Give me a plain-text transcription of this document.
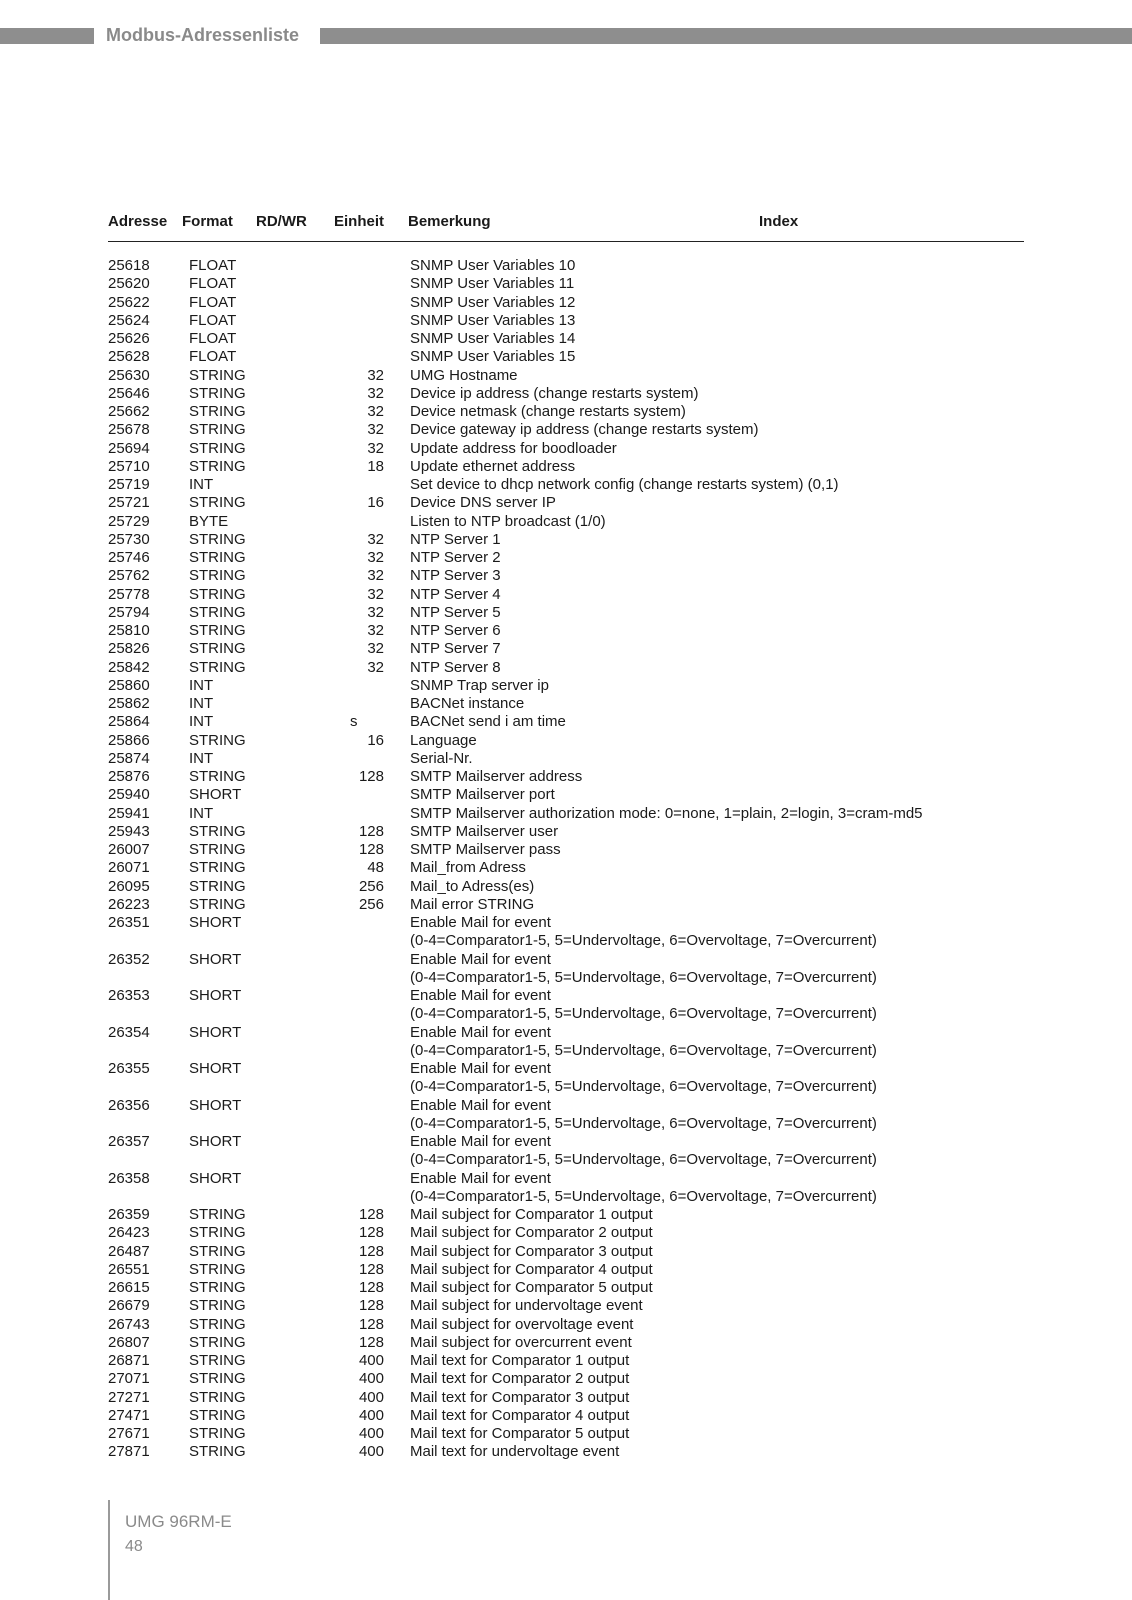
Modbus-Adressenliste
Adresse Format RD/WR Einheit Bemerkung	Index
25618	FLOAT	SNMP User Variables 10
25620	FLOAT	SNMP User Variables 11
25622	FLOAT	SNMP User Variables 12
25624	FLOAT	SNMP User Variables 13
25626	FLOAT	SNMP User Variables 14
25628	FLOAT	SNMP User Variables 15
25630	STRING	32 UMG Hostname
25646	STRING	32 Device ip address (change restarts system)
25662	STRING	32 Device netmask (change restarts system)
25678	STRING	32 Device gateway ip address (change restarts system)
25694	STRING	32 Update address for boodloader
25710	STRING	18 Update ethernet address
25719	INT	Set device to dhcp network config (change restarts system) (0,1)
25721	STRING	16 Device DNS server IP
25729	BYTE	Listen to NTP broadcast (1/0)
25730	STRING	32 NTP Server 1
25746	STRING	32 NTP Server 2
25762	STRING	32 NTP Server 3
25778	STRING	32 NTP Server 4
25794	STRING	32 NTP Server 5
25810	STRING	32 NTP Server 6
25826	STRING	32 NTP Server 7
25842	STRING	32 NTP Server 8
25860	INT	SNMP Trap server ip
25862	INT	BACNet instance
25864	INT	s	BACNet send i am time
25866	STRING	16 Language
25874	INT	Serial-Nr.
25876	STRING	128 SMTP Mailserver address
25940	SHORT	SMTP Mailserver port
25941	INT	SMTP Mailserver authorization mode: 0=none, 1=plain, 2=login, 3=cram-md5
25943	STRING	128 SMTP Mailserver user
26007	STRING	128 SMTP Mailserver pass
26071	STRING	48 Mail_from Adress
26095	STRING	256 Mail_to Adress(es)
26223	STRING	256 Mail error STRING
26351	SHORT	Enable Mail for event
(0-4=Comparator1-5, 5=Undervoltage, 6=Overvoltage, 7=Overcurrent)
26352	SHORT	Enable Mail for event
(0-4=Comparator1-5, 5=Undervoltage, 6=Overvoltage, 7=Overcurrent)
26353	SHORT	Enable Mail for event
(0-4=Comparator1-5, 5=Undervoltage, 6=Overvoltage, 7=Overcurrent)
26354	SHORT	Enable Mail for event
(0-4=Comparator1-5, 5=Undervoltage, 6=Overvoltage, 7=Overcurrent)
26355	SHORT	Enable Mail for event
(0-4=Comparator1-5, 5=Undervoltage, 6=Overvoltage, 7=Overcurrent)
26356	SHORT	Enable Mail for event
(0-4=Comparator1-5, 5=Undervoltage, 6=Overvoltage, 7=Overcurrent)
26357	SHORT	Enable Mail for event
(0-4=Comparator1-5, 5=Undervoltage, 6=Overvoltage, 7=Overcurrent)
26358	SHORT	Enable Mail for event
(0-4=Comparator1-5, 5=Undervoltage, 6=Overvoltage, 7=Overcurrent)
26359	STRING	128 Mail subject for Comparator 1 output
26423	STRING	128 Mail subject for Comparator 2 output
26487	STRING	128 Mail subject for Comparator 3 output
26551	STRING	128 Mail subject for Comparator 4 output
26615	STRING	128 Mail subject for Comparator 5 output
26679	STRING	128 Mail subject for undervoltage event
26743	STRING	128 Mail subject for overvoltage event
26807	STRING	128 Mail subject for overcurrent event
26871	STRING	400 Mail text for Comparator 1 output
27071	STRING	400 Mail text for Comparator 2 output
27271	STRING	400 Mail text for Comparator 3 output
27471	STRING	400 Mail text for Comparator 4 output
27671	STRING	400 Mail text for Comparator 5 output
27871	STRING	400 Mail text for undervoltage event
UMG 96RM-E
48
